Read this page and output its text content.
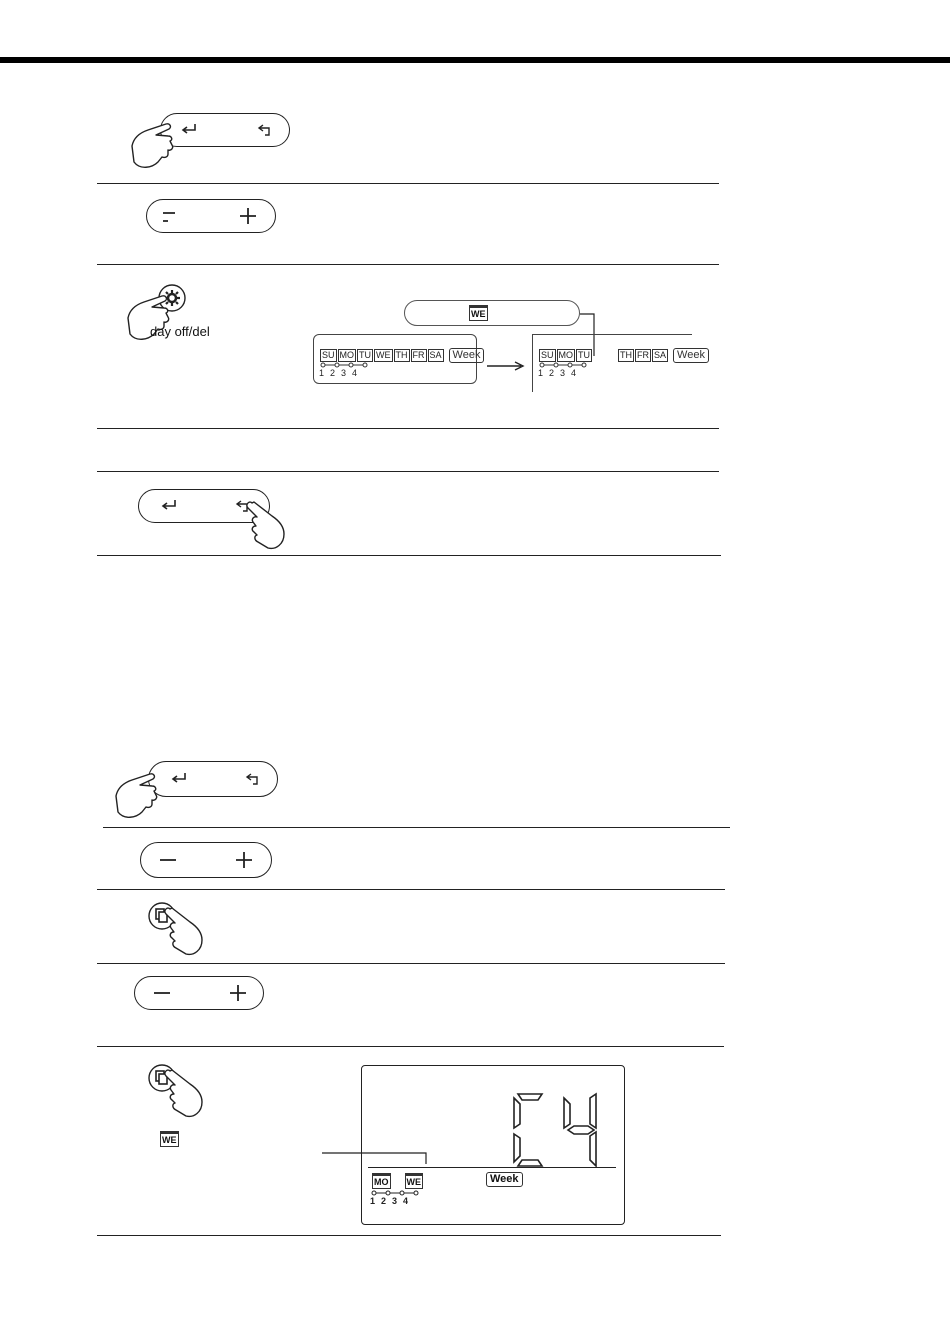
day off/del
WE
SU MO TU WE TH FR SA Week
1234
SU MO TU	TH FR SA Week
1234
WE
MO WE	Week
1234
